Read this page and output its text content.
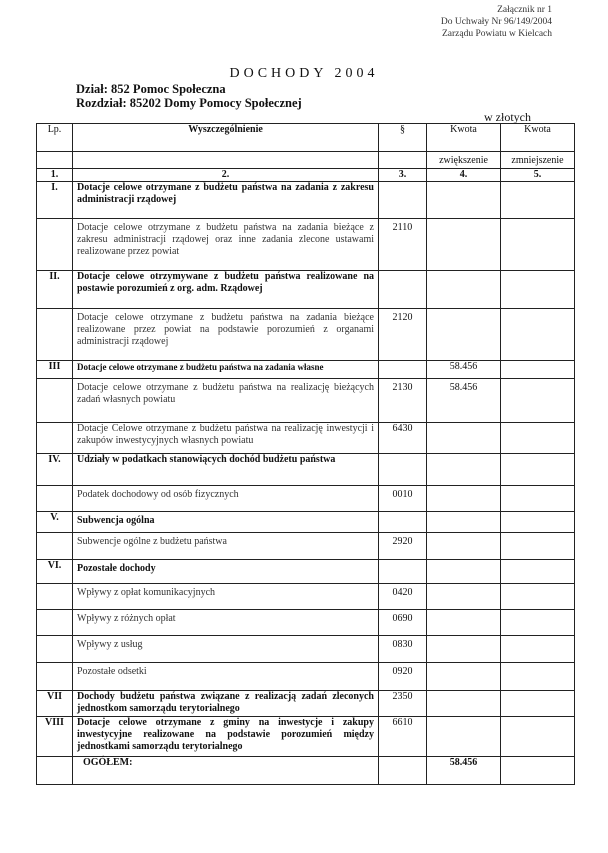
Załącznik nr 1
Do Uchwały Nr 96/149/2004
Zarządu Powiatu w Kielcach
DOCHODY 2004
Dział: 852 Pomoc Społeczna
Rozdział: 85202 Domy Pomocy Społecznej
w złotych
Lp.	Wyszczególnienie	§	Kwota	Kwota
			zwiększenie	zmniejszenie
1.	2.	3.	4.	5.
I.	Dotacje celowe otrzymane z budżetu państwa na zadania z zakresu administracji rządowej			
	Dotacje celowe otrzymane z budżetu państwa na zadania bieżące z zakresu administracji rządowej oraz inne zadania zlecone ustawami realizowane przez powiat	2110		
II.	Dotacje celowe otrzymywane z budżetu państwa realizowane na postawie porozumień z org. adm. Rządowej			
	Dotacje celowe otrzymane z budżetu państwa na zadania bieżące realizowane przez powiat na podstawie porozumień z organami administracji rządowej	2120		
III	Dotacje celowe otrzymane z budżetu państwa na zadania własne		58.456	
	Dotacje celowe otrzymane z budżetu państwa na realizację bieżących zadań własnych powiatu	2130	58.456	
	Dotacje Celowe otrzymane z budżetu państwa na realizację inwestycji i zakupów inwestycyjnych własnych powiatu	6430		
IV.	Udziały w podatkach stanowiących dochód budżetu państwa			
	Podatek dochodowy od osób fizycznych	0010		
V.	Subwencja ogólna			
	Subwencje ogólne z budżetu państwa	2920		
VI.	Pozostałe dochody			
	Wpływy z opłat komunikacyjnych	0420		
	Wpływy z różnych opłat	0690		
	Wpływy z usług	0830		
	Pozostałe odsetki	0920		
VII	Dochody budżetu państwa związane z realizacją zadań zleconych jednostkom samorządu terytorialnego	2350		
VIII	Dotacje celowe otrzymane z gminy na inwestycje i zakupy inwestycyjne realizowane na podstawie porozumień między jednostkami samorządu terytorialnego	6610		
	OGÓŁEM:		58.456	
